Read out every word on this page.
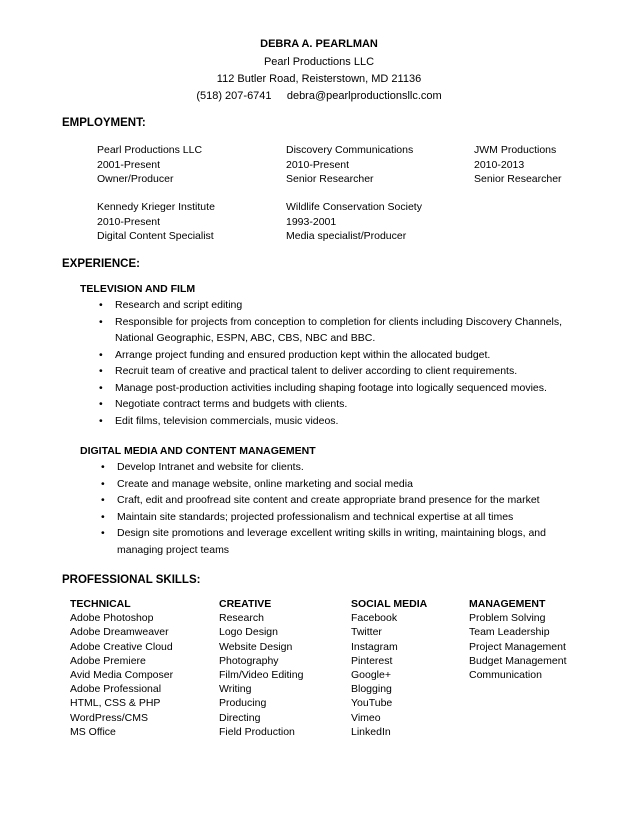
DEBRA A. PEARLMAN
Pearl Productions LLC
112 Butler Road, Reisterstown, MD 21136
(518) 207-6741 debra@pearlproductionsllc.com
EMPLOYMENT:
Pearl Productions LLC
2001-Present
Owner/Producer
Discovery Communications
2010-Present
Senior Researcher
JWM Productions
2010-2013
Senior Researcher
Kennedy Krieger Institute
2010-Present
Digital Content Specialist
Wildlife Conservation Society
1993-2001
Media specialist/Producer
EXPERIENCE:
TELEVISION AND FILM
• Research and script editing
• Responsible for projects from conception to completion for clients including Discovery Channels,
National Geographic, ESPN, ABC, CBS, NBC and BBC.
• Arrange project funding and ensured production kept within the allocated budget.
• Recruit team of creative and practical talent to deliver according to client requirements.
• Manage post-production activities including shaping footage into logically sequenced movies.
• Negotiate contract terms and budgets with clients.
• Edit films, television commercials, music videos.
DIGITAL MEDIA AND CONTENT MANAGEMENT
• Develop Intranet and website for clients.
• Create and manage website, online marketing and social media
• Craft, edit and proofread site content and create appropriate brand presence for the market
• Maintain site standards; projected professionalism and technical expertise at all times
• Design site promotions and leverage excellent writing skills in writing, maintaining blogs, and
managing project teams
PROFESSIONAL SKILLS:
TECHNICAL
Adobe Photoshop
Adobe Dreamweaver
Adobe Creative Cloud
Adobe Premiere
Avid Media Composer
Adobe Professional
HTML, CSS & PHP
WordPress/CMS
MS Office
CREATIVE
Research
Logo Design
Website Design
Photography
Film/Video Editing
Writing
Producing
Directing
Field Production
SOCIAL MEDIA
Facebook
Twitter
Instagram
Pinterest
Google+
Blogging
YouTube
Vimeo
LinkedIn
MANAGEMENT
Problem Solving
Team Leadership
Project Management
Budget Management
Communication
